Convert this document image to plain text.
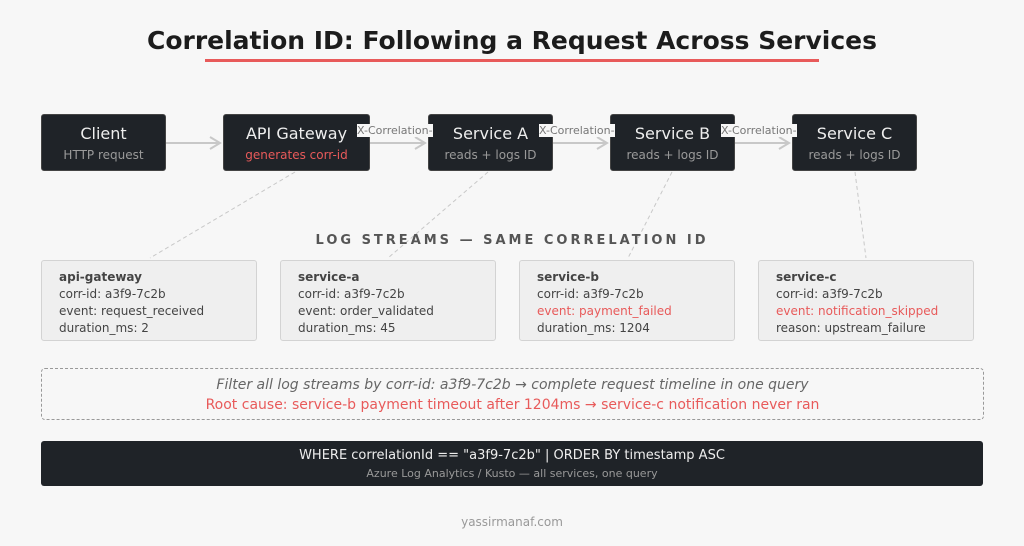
Correlation ID: Following a Request Across Services
Client
HTTP request
API Gateway
generates corr-id
Service A
reads + logs ID
Service B
reads + logs ID
Service C
reads + logs ID
X-Correlation-	X-Correlation-	X-Correlation-
LOG STREAMS — SAME CORRELATION ID
api-gateway
corr-id: a3f9-7c2b
event: request_received
duration_ms: 2
service-a
corr-id: a3f9-7c2b
event: order_validated
duration_ms: 45
service-b
corr-id: a3f9-7c2b
event: payment_failed
duration_ms: 1204
service-c
corr-id: a3f9-7c2b
event: notification_skipped
reason: upstream_failure
Filter all log streams by corr-id: a3f9-7c2b → complete request timeline in one query
Root cause: service-b payment timeout after 1204ms → service-c notification never ran
WHERE correlationId == "a3f9-7c2b" | ORDER BY timestamp ASC
Azure Log Analytics / Kusto — all services, one query
yassirmanaf.com
